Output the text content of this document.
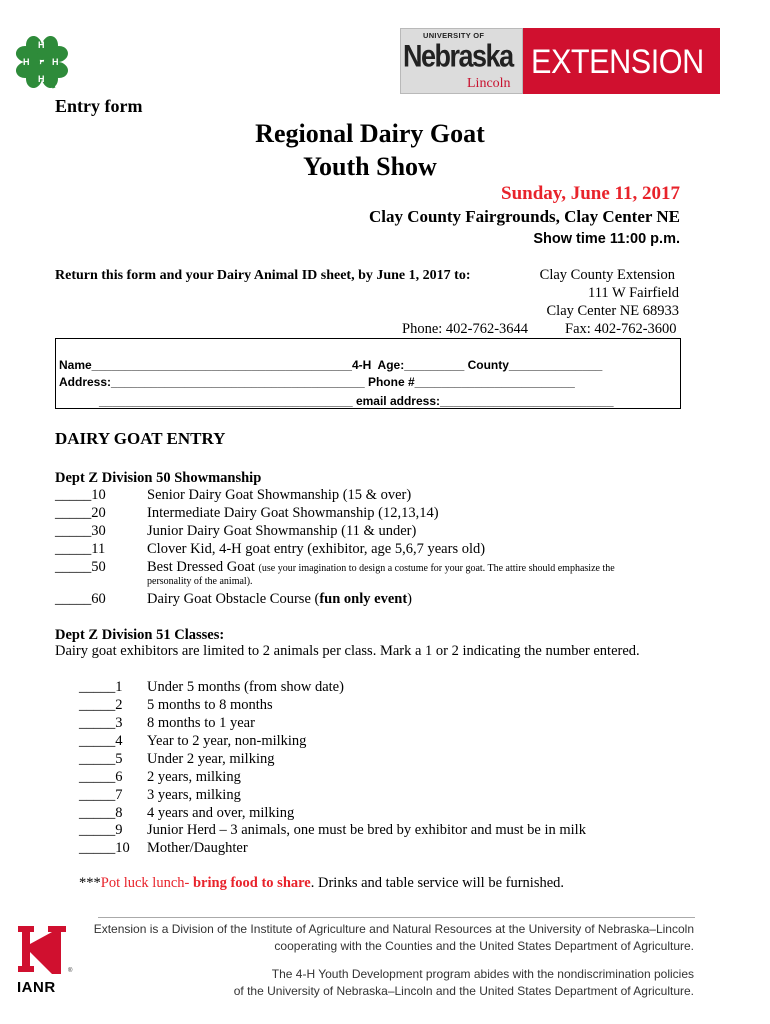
H
H
H
H
UNIVERSITY OF
Nebraska
Lincoln
EXTENSION
Entry form
Regional Dairy Goat
Youth Show
Sunday, June 11, 2017
Clay County Fairgrounds, Clay Center NE
Show time 11:00 p.m.
Return this form and your Dairy Animal ID sheet, by June 1, 2017 to:	Clay County Extension
111 W Fairfield
Clay Center NE 68933
Phone: 402-762-3644	Fax: 402-762-3600
Name_______________________________________4-H  Age:_________ County______________
Address:______________________________________ Phone #________________________
______________________________________ email address:__________________________
DAIRY GOAT ENTRY
Dept Z Division 50 Showmanship
_____10	Senior Dairy Goat Showmanship (15 & over)
_____20	Intermediate Dairy Goat Showmanship (12,13,14)
_____30	Junior Dairy Goat Showmanship (11 & under)
_____11	Clover Kid, 4-H goat entry (exhibitor, age 5,6,7 years old)
_____50	Best Dressed Goat (use your imagination to design a costume for your goat. The attire should emphasize the
personality of the animal).
_____60	Dairy Goat Obstacle Course (fun only event)
Dept Z Division 51 Classes:
Dairy goat exhibitors are limited to 2 animals per class. Mark a 1 or 2 indicating the number entered.
_____1 Under 5 months (from show date)
_____2 5 months to 8 months
_____3 8 months to 1 year
_____4 Year to 2 year, non-milking
_____5 Under 2 year, milking
_____6 2 years, milking
_____7 3 years, milking
_____8 4 years and over, milking
_____9 Junior Herd – 3 animals, one must be bred by exhibitor and must be in milk
_____10 Mother/Daughter
***Pot luck lunch- bring food to share. Drinks and table service will be furnished.
®
IANR
Extension is a Division of the Institute of Agriculture and Natural Resources at the University of Nebraska–Lincoln
cooperating with the Counties and the United States Department of Agriculture.
The 4-H Youth Development program abides with the nondiscrimination policies
of the University of Nebraska–Lincoln and the United States Department of Agriculture.
